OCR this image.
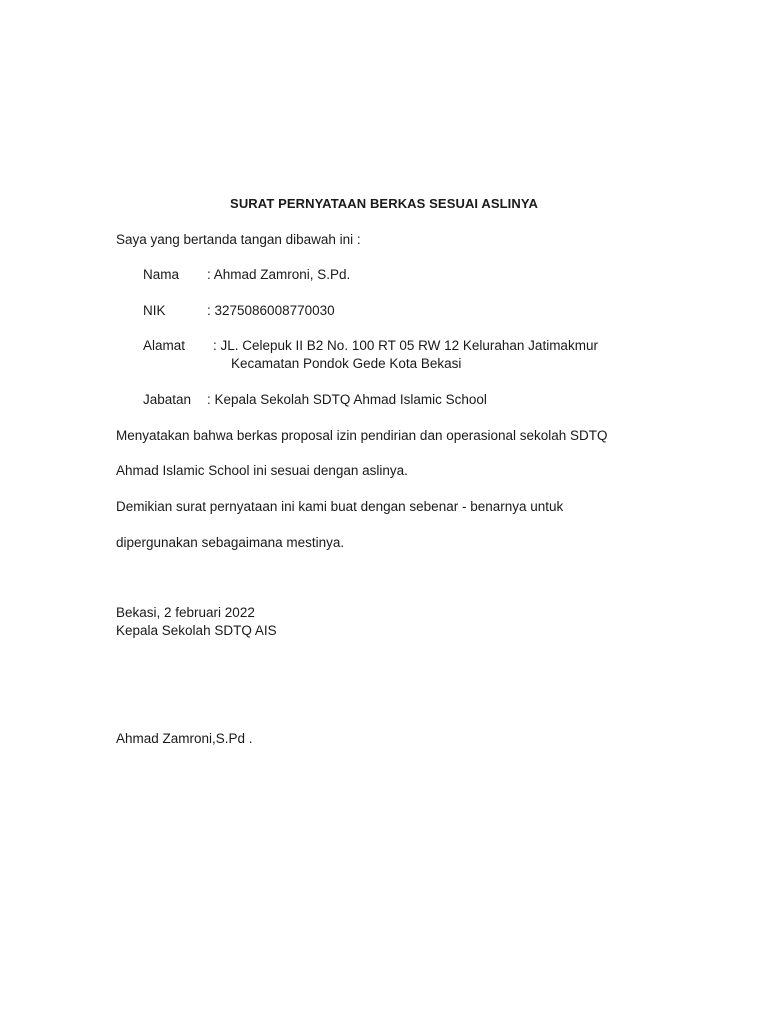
SURAT PERNYATAAN BERKAS SESUAI ASLINYA
Saya yang bertanda tangan dibawah ini :
Nama : Ahmad Zamroni, S.Pd.
NIK	: 3275086008770030
Alamat : JL. Celepuk II B2 No. 100 RT 05 RW 12 Kelurahan Jatimakmur
Kecamatan Pondok Gede Kota Bekasi
Jabatan : Kepala Sekolah SDTQ Ahmad Islamic School
Menyatakan bahwa berkas proposal izin pendirian dan operasional sekolah SDTQ
Ahmad Islamic School ini sesuai dengan aslinya.
Demikian surat pernyataan ini kami buat dengan sebenar - benarnya untuk
dipergunakan sebagaimana mestinya.
Bekasi, 2 februari 2022
Kepala Sekolah SDTQ AIS
Ahmad Zamroni,S.Pd .
